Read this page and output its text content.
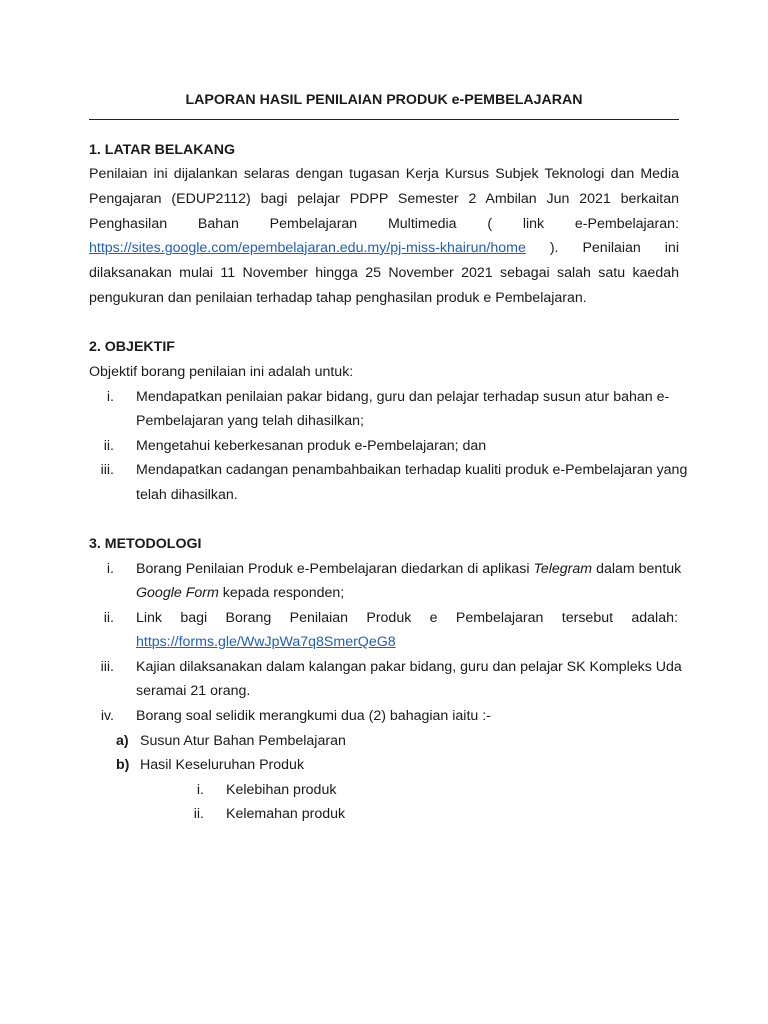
LAPORAN HASIL PENILAIAN PRODUK e-PEMBELAJARAN
1. LATAR BELAKANG
Penilaian ini dijalankan selaras dengan tugasan Kerja Kursus Subjek Teknologi dan Media
Pengajaran (EDUP2112) bagi pelajar PDPP Semester 2 Ambilan Jun 2021 berkaitan
Penghasilan Bahan Pembelajaran Multimedia ( link e-Pembelajaran:
https://sites.google.com/epembelajaran.edu.my/pj-miss-khairun/home ). Penilaian ini
dilaksanakan mulai 11 November hingga 25 November 2021 sebagai salah satu kaedah
pengukuran dan penilaian terhadap tahap penghasilan produk e Pembelajaran.
2. OBJEKTIF
Objektif borang penilaian ini adalah untuk:
i. Mendapatkan penilaian pakar bidang, guru dan pelajar terhadap susun atur bahan e-
Pembelajaran yang telah dihasilkan;
ii. Mengetahui keberkesanan produk e-Pembelajaran; dan
iii. Mendapatkan cadangan penambahbaikan terhadap kualiti produk e-Pembelajaran yang
telah dihasilkan.
3. METODOLOGI
i. Borang Penilaian Produk e-Pembelajaran diedarkan di aplikasi Telegram dalam bentuk
Google Form kepada responden;
ii. Link bagi Borang Penilaian Produk e Pembelajaran tersebut adalah:
https://forms.gle/WwJpWa7q8SmerQeG8
iii. Kajian dilaksanakan dalam kalangan pakar bidang, guru dan pelajar SK Kompleks Uda
seramai 21 orang.
iv. Borang soal selidik merangkumi dua (2) bahagian iaitu :-
a) Susun Atur Bahan Pembelajaran
b) Hasil Keseluruhan Produk
i. Kelebihan produk
ii. Kelemahan produk
